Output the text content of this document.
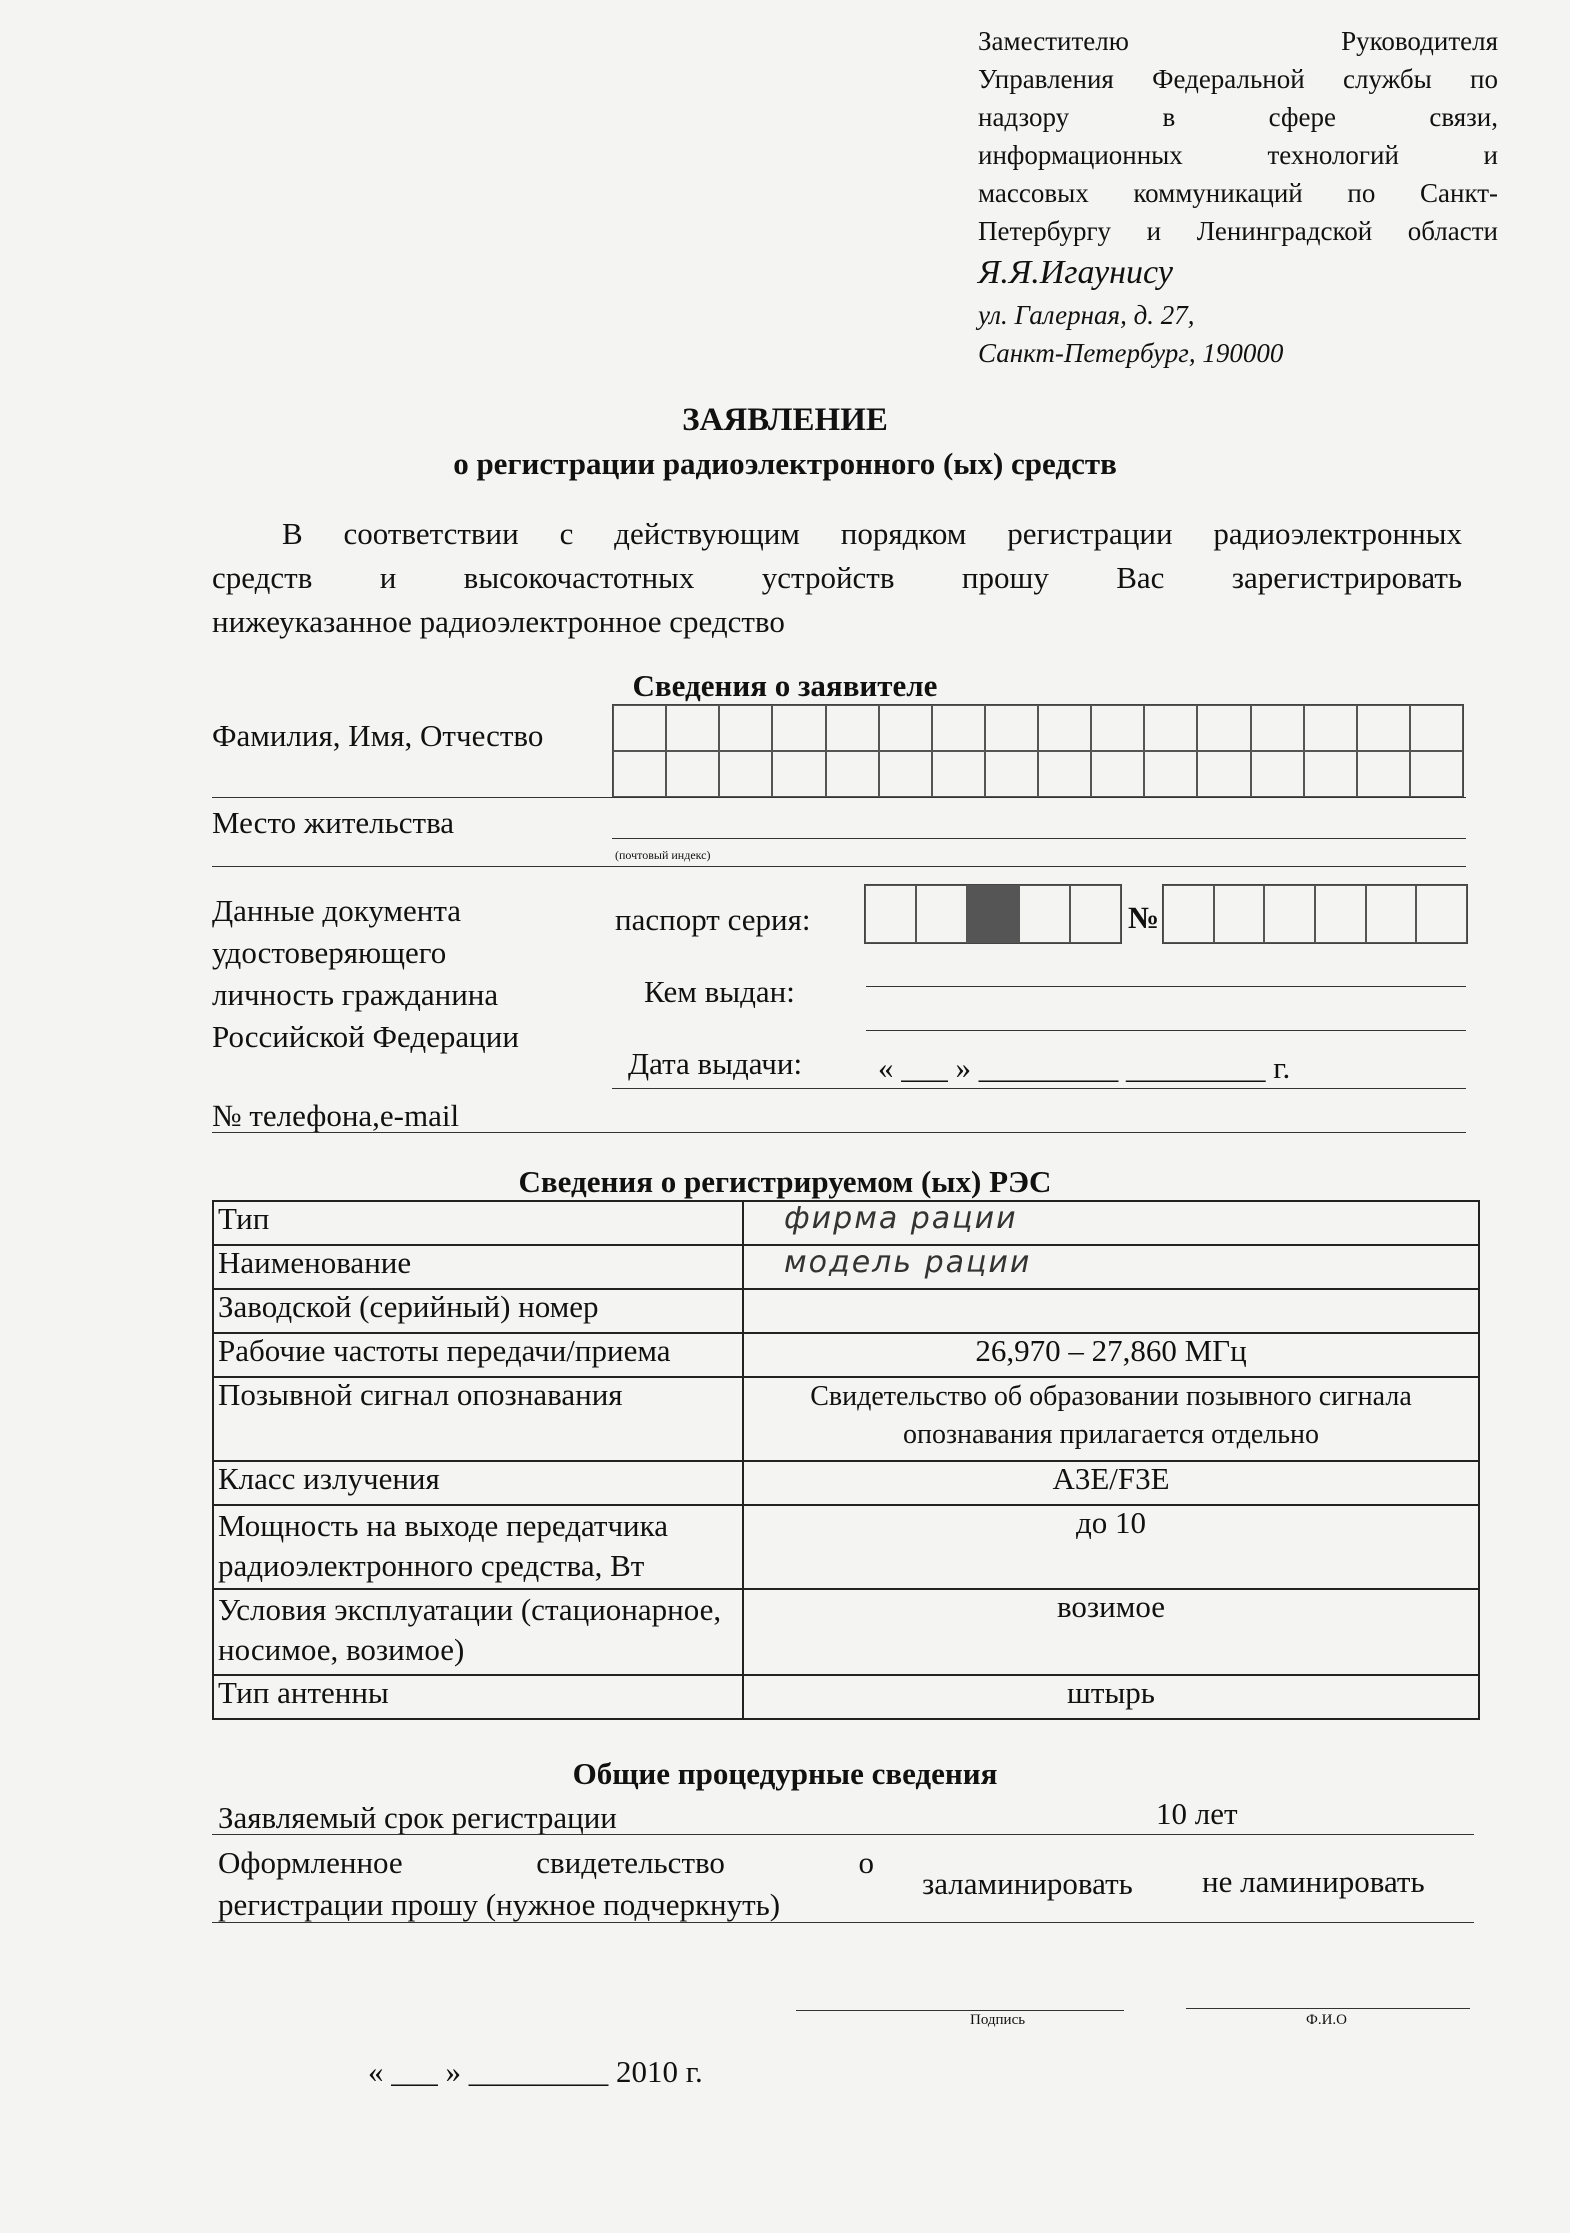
Заместителю Руководителя
Управления Федеральной службы по
надзору в сфере связи,
информационных технологий и
массовых коммуникаций по Санкт-
Петербургу и Ленинградской области
Я.Я.Игаунису
ул. Галерная, д. 27,
Санкт-Петербург, 190000
ЗАЯВЛЕНИЕ
о регистрации радиоэлектронного (ых) средств
В соответствии с действующим порядком регистрации радиоэлектронных
средств и высокочастотных устройств прошу Вас зарегистрировать
нижеуказанное радиоэлектронное средство
Сведения о заявителе
Фамилия, Имя, Отчество
Место жительства
(почтовый индекс)
Данные документа
удостоверяющего
личность гражданина
Российской Федерации
паспорт серия:	№
Кем выдан:
Дата выдачи: « ___ » _________ _________ г.
№ телефона,e-mail
Сведения о регистрируемом (ых) РЭС
Тип	фирма рации
Наименование	модель рации
Заводской (серийный) номер	
Рабочие частоты передачи/приема	26,970 – 27,860 МГц
Позывной сигнал опознавания	Свидетельство об образовании позывного сигнала опознавания прилагается отдельно
Класс излучения	A3E/F3E
Мощность на выходе передатчика радиоэлектронного средства, Вт	до 10
Условия эксплуатации (стационарное, носимое, возимое)	возимое
Тип антенны	штырь
Общие процедурные сведения
Заявляемый срок регистрации	10 лет
Оформленное свидетельство о
регистрации прошу (нужное подчеркнуть)
заламинировать не ламинировать
Подпись	Ф.И.О
« ___ » _________ 2010 г.
